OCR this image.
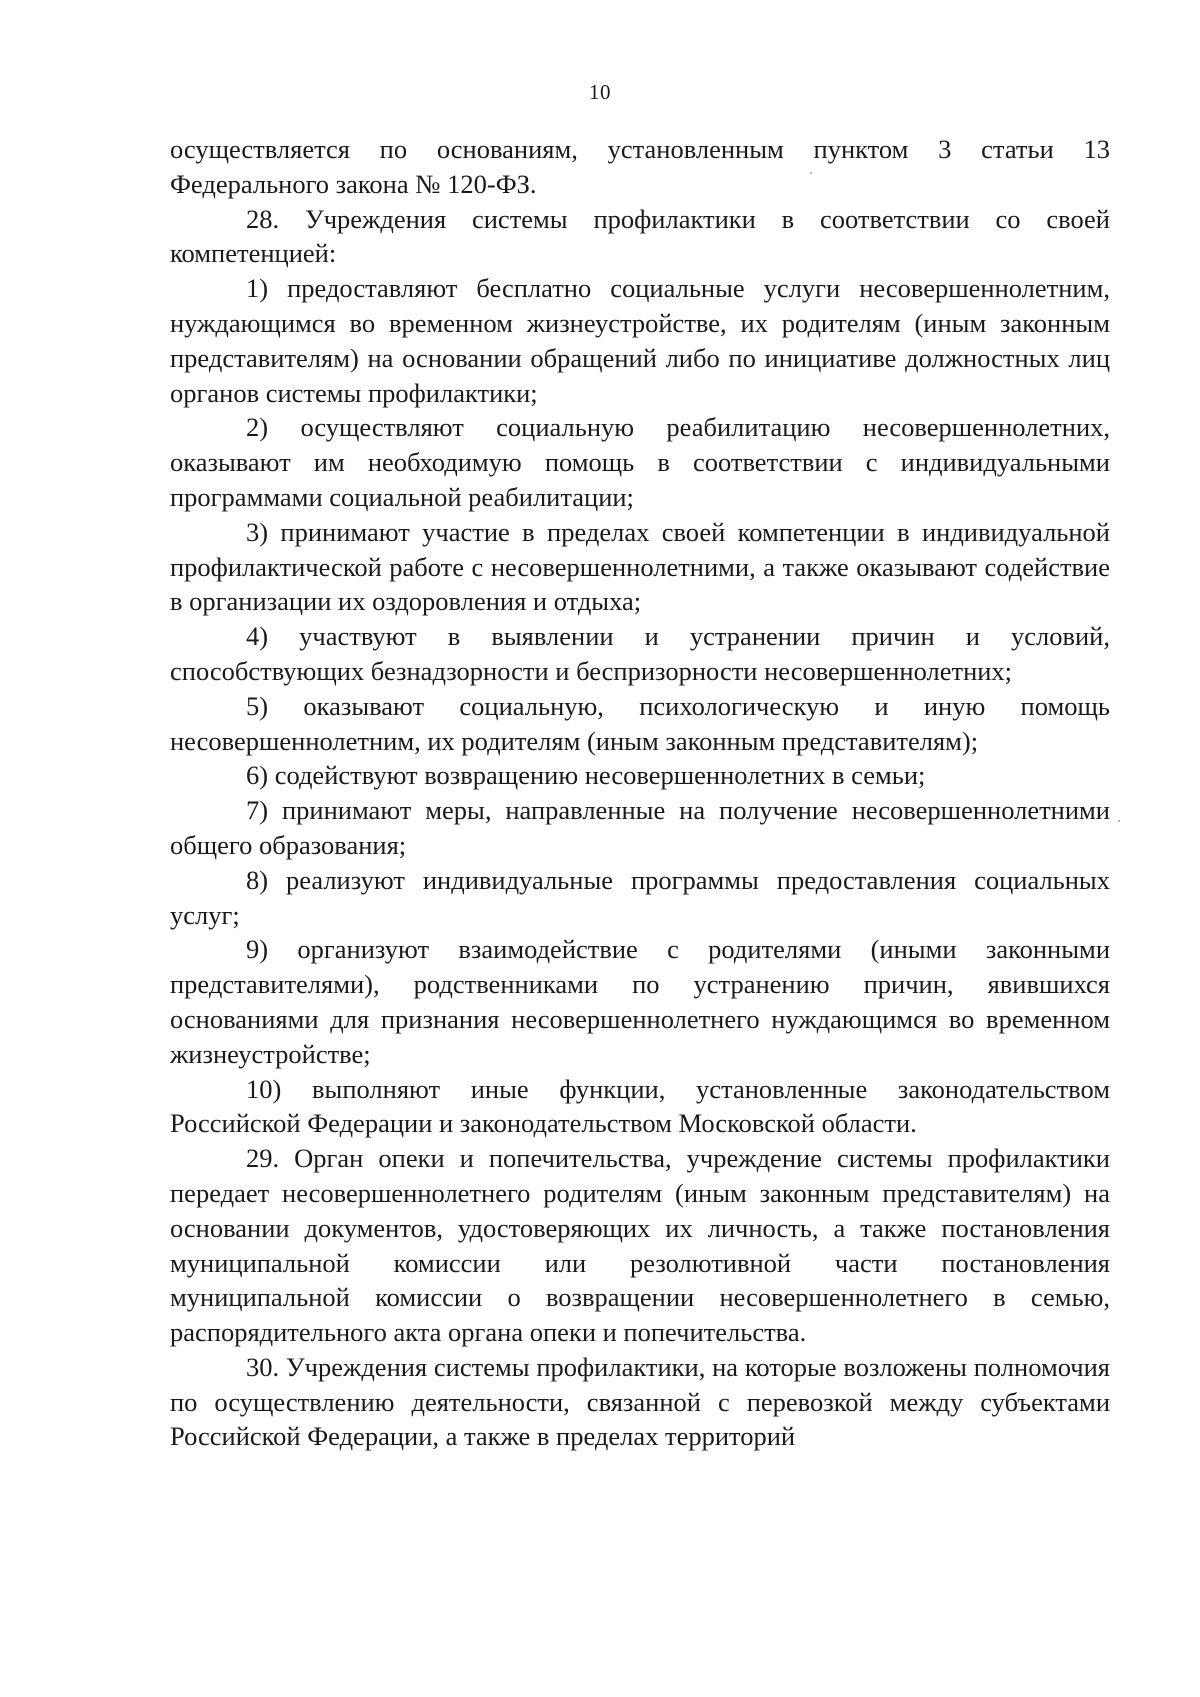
10

осуществляется по основаниям, установленным пунктом 3 статьи 13 Федерального закона № 120-ФЗ.

28. Учреждения системы профилактики в соответствии со своей компетенцией:

1) предоставляют бесплатно социальные услуги несовершеннолетним, нуждающимся во временном жизнеустройстве, их родителям (иным законным представителям) на основании обращений либо по инициативе должностных лиц органов системы профилактики;

2) осуществляют социальную реабилитацию несовершеннолетних, оказывают им необходимую помощь в соответствии с индивидуальными программами социальной реабилитации;

3) принимают участие в пределах своей компетенции в индивидуальной профилактической работе с несовершеннолетними, а также оказывают содействие в организации их оздоровления и отдыха;

4) участвуют в выявлении и устранении причин и условий, способствующих безнадзорности и беспризорности несовершеннолетних;

5) оказывают социальную, психологическую и иную помощь несовершеннолетним, их родителям (иным законным представителям);

6) содействуют возвращению несовершеннолетних в семьи;

7) принимают меры, направленные на получение несовершеннолетними общего образования;

8) реализуют индивидуальные программы предоставления социальных услуг;

9) организуют взаимодействие с родителями (иными законными представителями), родственниками по устранению причин, явившихся основаниями для признания несовершеннолетнего нуждающимся во временном жизнеустройстве;

10) выполняют иные функции, установленные законодательством Российской Федерации и законодательством Московской области.

29. Орган опеки и попечительства, учреждение системы профилактики передает несовершеннолетнего родителям (иным законным представителям) на основании документов, удостоверяющих их личность, а также постановления муниципальной комиссии или резолютивной части постановления муниципальной комиссии о возвращении несовершеннолетнего в семью, распорядительного акта органа опеки и попечительства.

30. Учреждения системы профилактики, на которые возложены полномочия по осуществлению деятельности, связанной с перевозкой между субъектами Российской Федерации, а также в пределах территорий
